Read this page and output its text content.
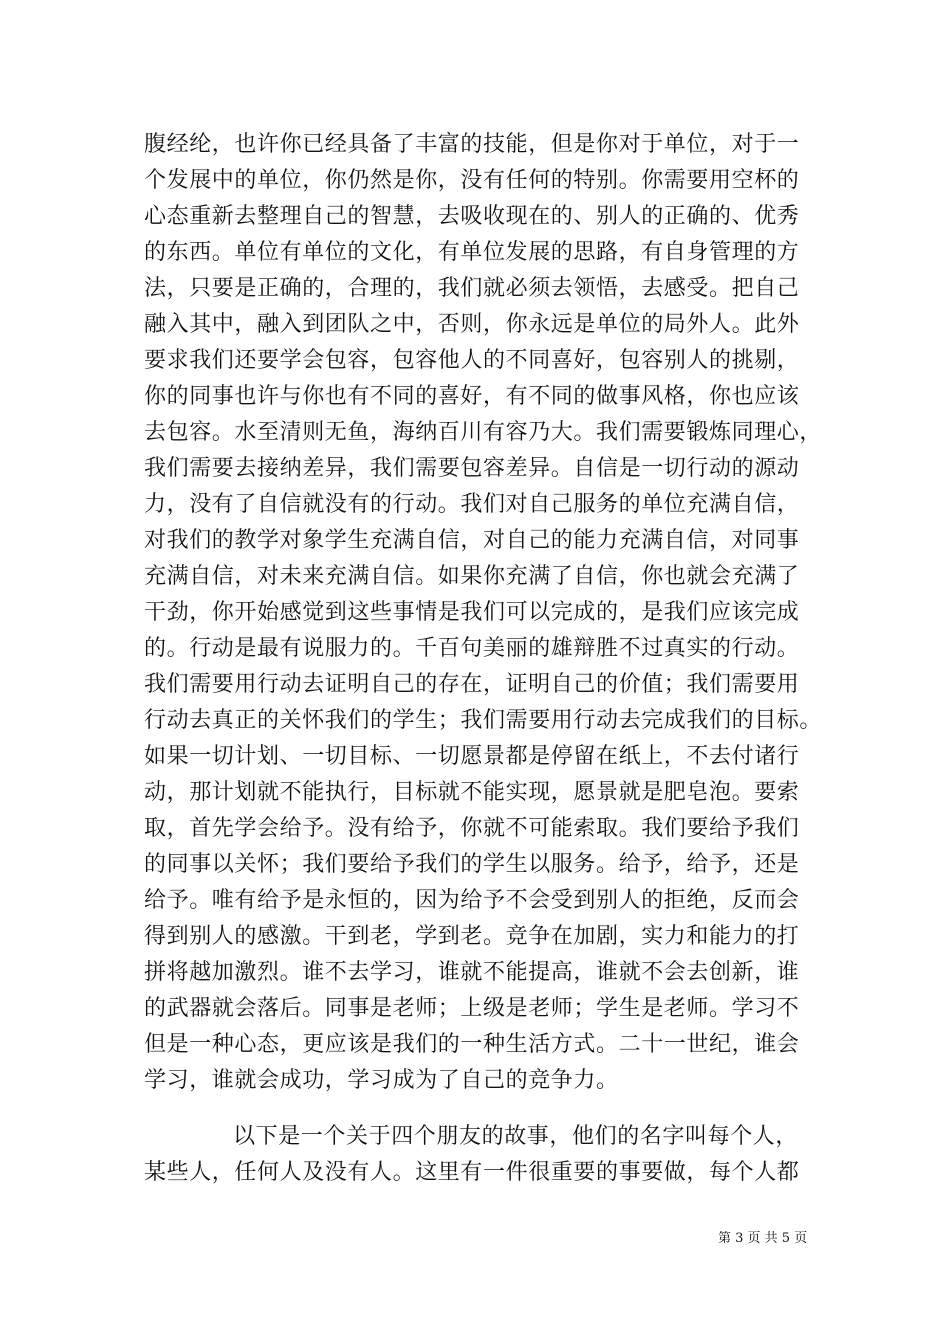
腹经纶，也许你已经具备了丰富的技能，但是你对于单位，对于一
个发展中的单位，你仍然是你，没有任何的特别。你需要用空杯的
心态重新去整理自己的智慧，去吸收现在的、别人的正确的、优秀
的东西。单位有单位的文化，有单位发展的思路，有自身管理的方
法，只要是正确的，合理的，我们就必须去领悟，去感受。把自己
融入其中，融入到团队之中，否则，你永远是单位的局外人。此外
要求我们还要学会包容，包容他人的不同喜好，包容别人的挑剔，
你的同事也许与你也有不同的喜好，有不同的做事风格，你也应该
去包容。水至清则无鱼，海纳百川有容乃大。我们需要锻炼同理心，
我们需要去接纳差异，我们需要包容差异。自信是一切行动的源动
力，没有了自信就没有的行动。我们对自己服务的单位充满自信，
对我们的教学对象学生充满自信，对自己的能力充满自信，对同事
充满自信，对未来充满自信。如果你充满了自信，你也就会充满了
干劲，你开始感觉到这些事情是我们可以完成的，是我们应该完成
的。行动是最有说服力的。千百句美丽的雄辩胜不过真实的行动。
我们需要用行动去证明自己的存在，证明自己的价值；我们需要用
行动去真正的关怀我们的学生；我们需要用行动去完成我们的目标。
如果一切计划、一切目标、一切愿景都是停留在纸上，不去付诸行
动，那计划就不能执行，目标就不能实现，愿景就是肥皂泡。要索
取，首先学会给予。没有给予，你就不可能索取。我们要给予我们
的同事以关怀；我们要给予我们的学生以服务。给予，给予，还是
给予。唯有给予是永恒的，因为给予不会受到别人的拒绝，反而会
得到别人的感激。干到老，学到老。竞争在加剧，实力和能力的打
拼将越加激烈。谁不去学习，谁就不能提高，谁就不会去创新，谁
的武器就会落后。同事是老师；上级是老师；学生是老师。学习不
但是一种心态，更应该是我们的一种生活方式。二十一世纪，谁会
学习，谁就会成功，学习成为了自己的竞争力。
以下是一个关于四个朋友的故事，他们的名字叫每个人，
某些人，任何人及没有人。这里有一件很重要的事要做，每个人都
第 3 页 共 5 页
